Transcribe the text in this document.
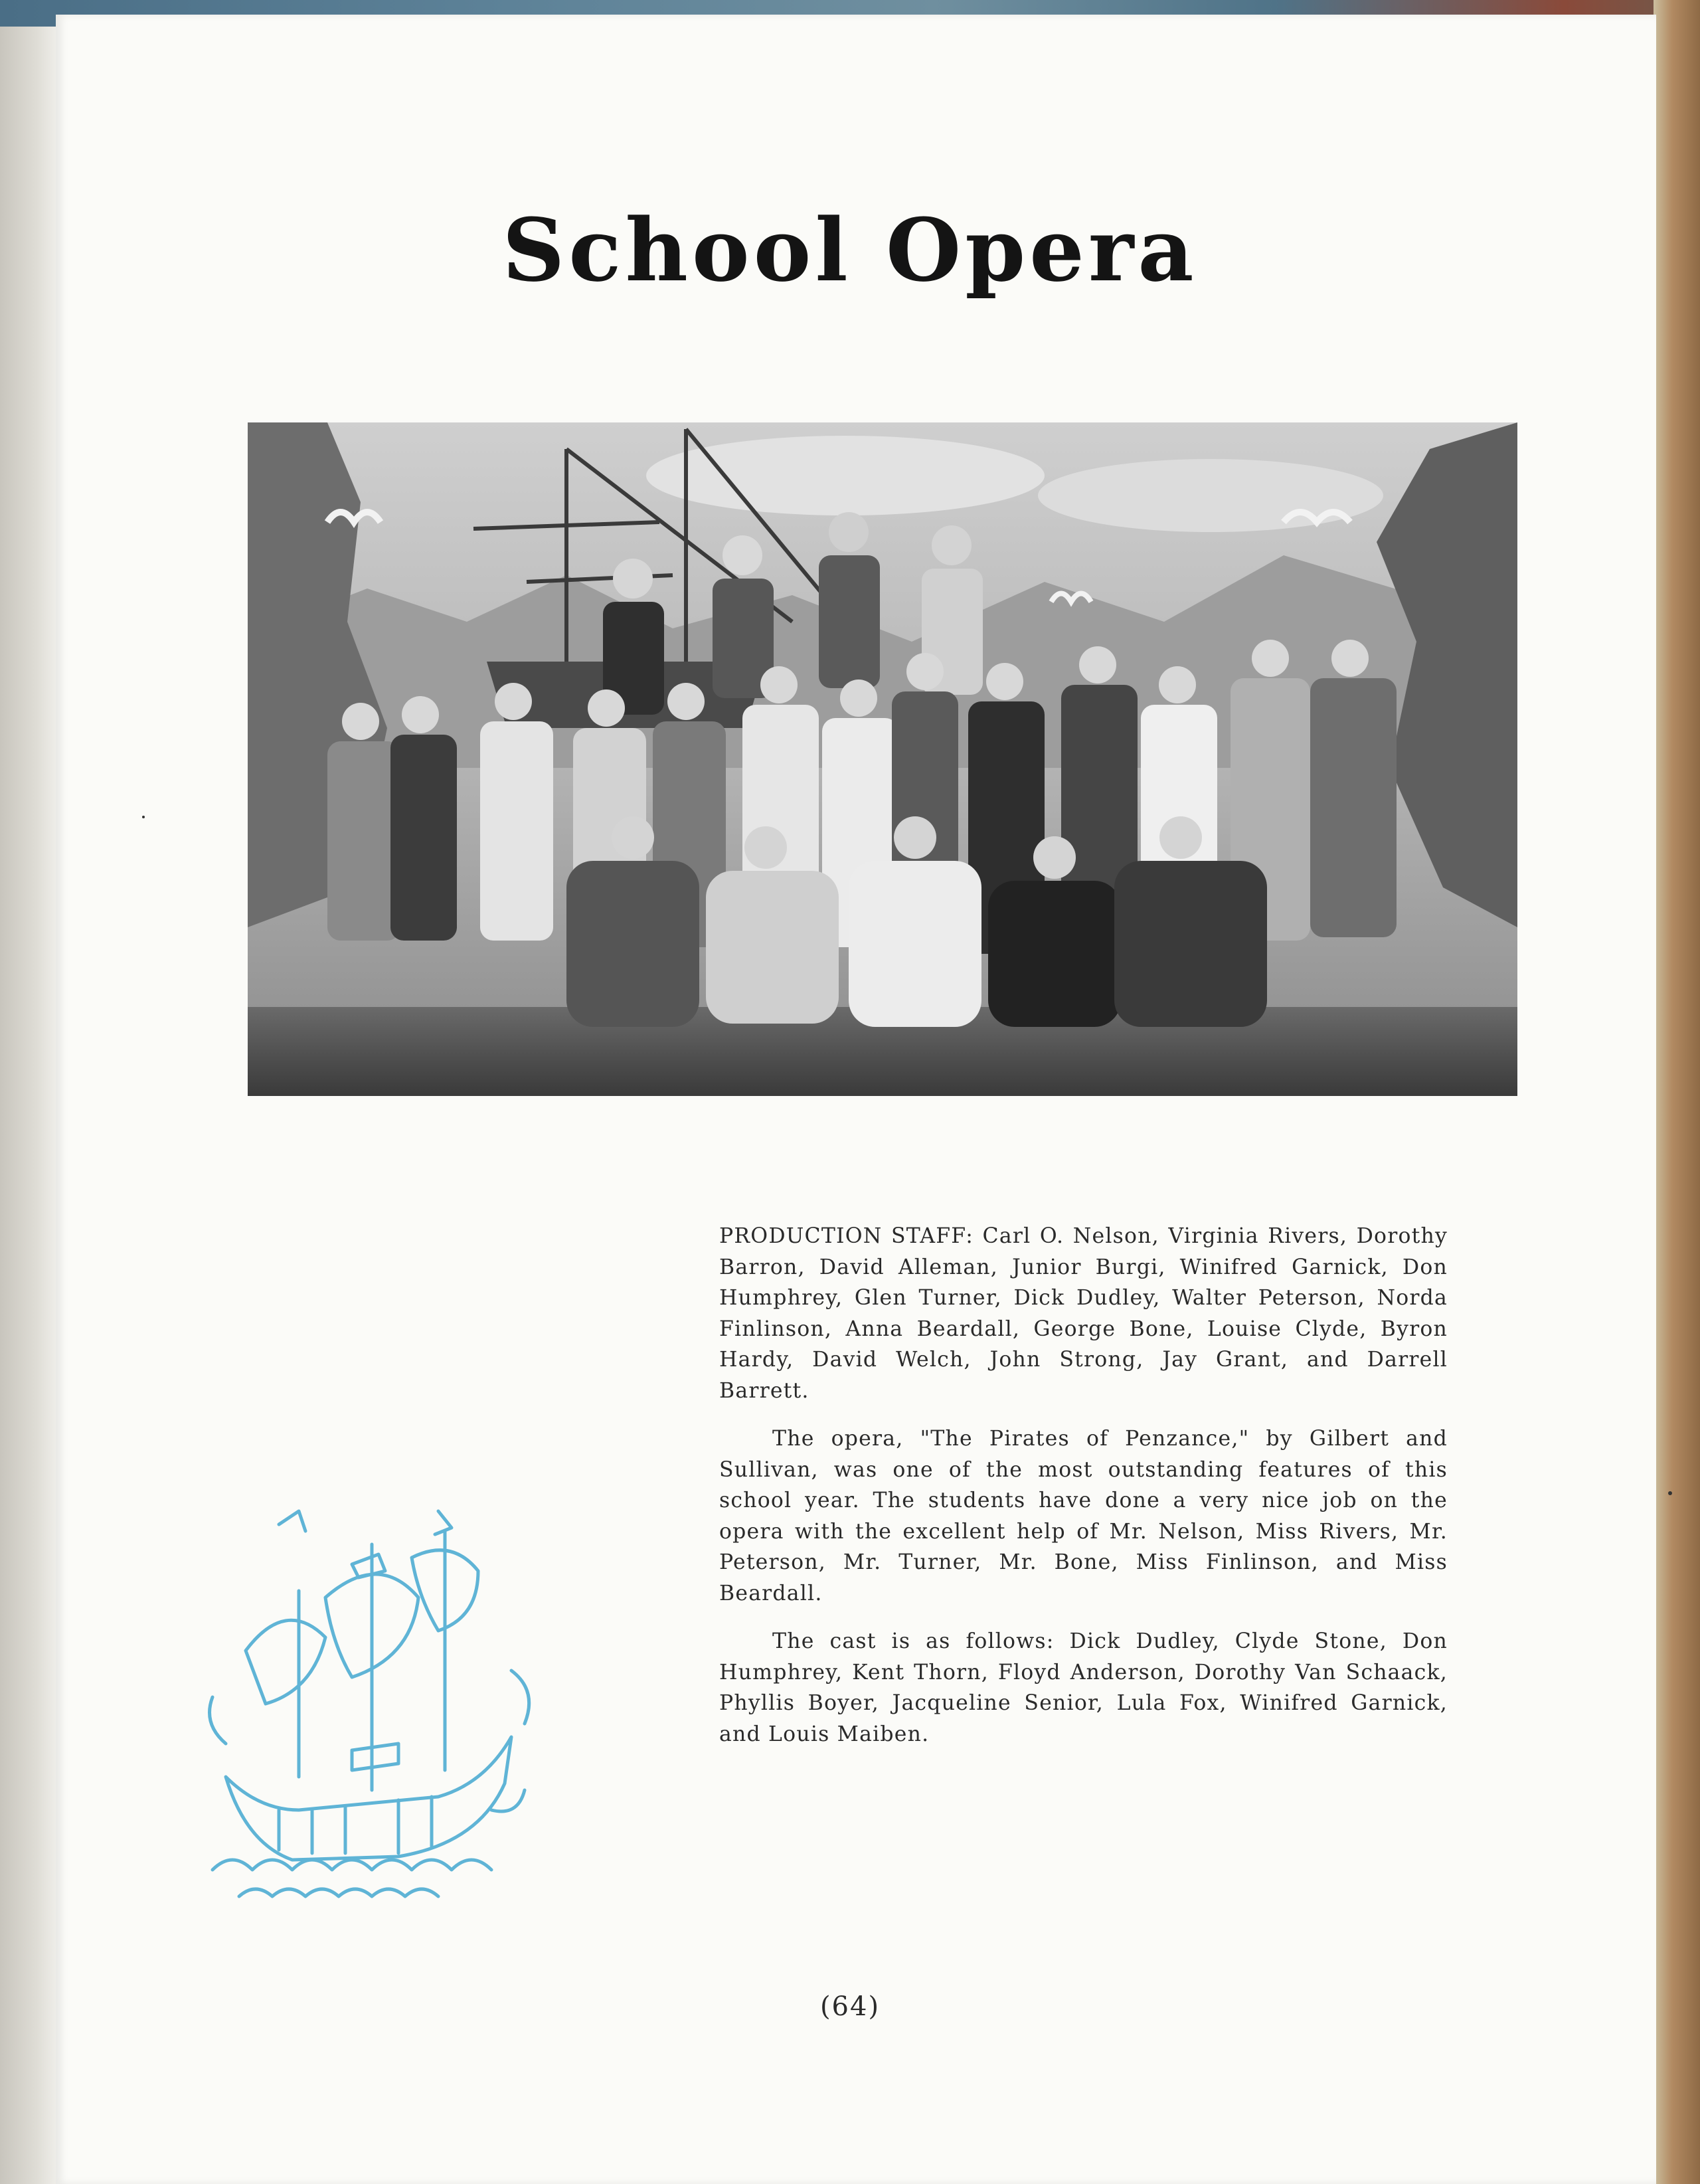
School Opera

PRODUCTION STAFF: Carl O. Nelson, Virginia Rivers, Dorothy Barron, David Alleman, Junior Burgi, Winifred Garnick, Don Humphrey, Glen Turner, Dick Dudley, Walter Peterson, Norda Finlinson, Anna Beardall, George Bone, Louise Clyde, Byron Hardy, David Welch, John Strong, Jay Grant, and Darrell Barrett.

The opera, "The Pirates of Penzance," by Gilbert and Sullivan, was one of the most outstanding features of this school year. The students have done a very nice job on the opera with the excellent help of Mr. Nelson, Miss Rivers, Mr. Peterson, Mr. Turner, Mr. Bone, Miss Finlinson, and Miss Beardall.

The cast is as follows: Dick Dudley, Clyde Stone, Don Humphrey, Kent Thorn, Floyd Anderson, Dorothy Van Schaack, Phyllis Boyer, Jacqueline Senior, Lula Fox, Winifred Garnick, and Louis Maiben.

(64)
